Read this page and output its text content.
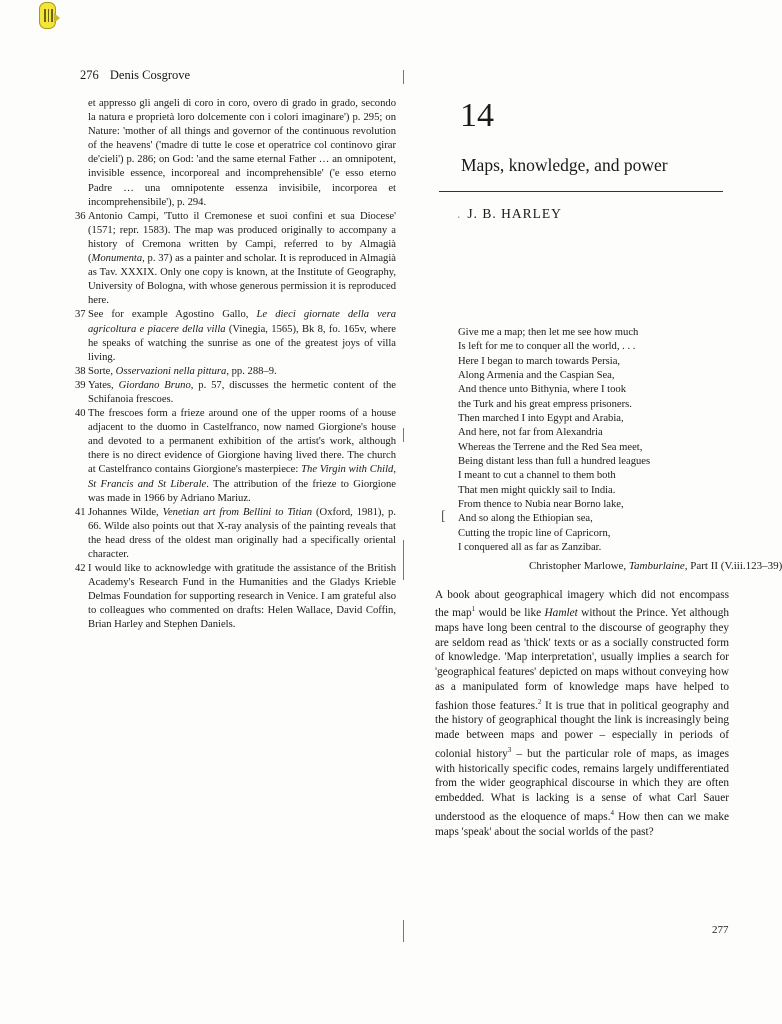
276 Denis Cosgrove
et appresso gli angeli di coro in coro, overo di grado in grado, secondo la natura e proprietà loro dolcemente con i colori imaginare') p. 295; on Nature: 'mother of all things and governor of the continuous revolution of the heavens' ('madre di tutte le cose et operatrice col continovo girar de'cieli') p. 286; on God: 'and the same eternal Father … an omnipotent, invisible essence, incorporeal and incomprehensible' ('e esso eterno Padre … una omnipotente essenza invisibile, incorporea et incomprehensibile'), p. 294.
36 Antonio Campi, 'Tutto il Cremonese et suoi confini et sua Diocese' (1571; repr. 1583). The map was produced originally to accompany a history of Cremona written by Campi, referred to by Almagià (Monumenta, p. 37) as a painter and scholar. It is reproduced in Almagià as Tav. XXXIX. Only one copy is known, at the Institute of Geography, University of Bologna, with whose generous permission it is reproduced here.
37 See for example Agostino Gallo, Le dieci giornate della vera agricoltura e piacere della villa (Vinegia, 1565), Bk 8, fo. 165v, where he speaks of watching the sunrise as one of the greatest joys of villa living.
38 Sorte, Osservazioni nella pittura, pp. 288–9.
39 Yates, Giordano Bruno, p. 57, discusses the hermetic content of the Schifanoia frescoes.
40 The frescoes form a frieze around one of the upper rooms of a house adjacent to the duomo in Castelfranco, now named Giorgione's house and devoted to a permanent exhibition of the artist's work, although there is no direct evidence of Giorgione having lived there. The church at Castelfranco contains Giorgione's masterpiece: The Virgin with Child, St Francis and St Liberale. The attribution of the frieze to Giorgione was made in 1966 by Adriano Mariuz.
41 Johannes Wilde, Venetian art from Bellini to Titian (Oxford, 1981), p. 66. Wilde also points out that X-ray analysis of the painting reveals that the head dress of the oldest man originally had a specifically oriental character.
42 I would like to acknowledge with gratitude the assistance of the British Academy's Research Fund in the Humanities and the Gladys Krieble Delmas Foundation for supporting research in Venice. I am grateful also to colleagues who commented on drafts: Helen Wallace, David Coffin, Brian Harley and Stephen Daniels.
14
Maps, knowledge, and power
. J. B. HARLEY
Give me a map; then let me see how much
Is left for me to conquer all the world, . . .
Here I began to march towards Persia,
Along Armenia and the Caspian Sea,
And thence unto Bithynia, where I took
the Turk and his great empress prisoners.
Then marched I into Egypt and Arabia,
And here, not far from Alexandria
Whereas the Terrene and the Red Sea meet,
Being distant less than full a hundred leagues
I meant to cut a channel to them both
That men might quickly sail to India.
From thence to Nubia near Borno lake,
And so along the Ethiopian sea,
Cutting the tropic line of Capricorn,
I conquered all as far as Zanzibar.
Christopher Marlowe, Tamburlaine, Part II (V.iii.123–39)
A book about geographical imagery which did not encompass the map$^1$ would be like Hamlet without the Prince. Yet although maps have long been central to the discourse of geography they are seldom read as 'thick' texts or as a socially constructed form of knowledge. 'Map interpretation', usually implies a search for 'geographical features' depicted on maps without conveying how as a manipulated form of knowledge maps have helped to fashion those features.$^2$ It is true that in political geography and the history of geographical thought the link is increasingly being made between maps and power – especially in periods of colonial history$^3$ – but the particular role of maps, as images with historically specific codes, remains largely undifferentiated from the wider geographical discourse in which they are often embedded. What is lacking is a sense of what Carl Sauer understood as the eloquence of maps.$^4$ How then can we make maps 'speak' about the social worlds of the past?
[
277
